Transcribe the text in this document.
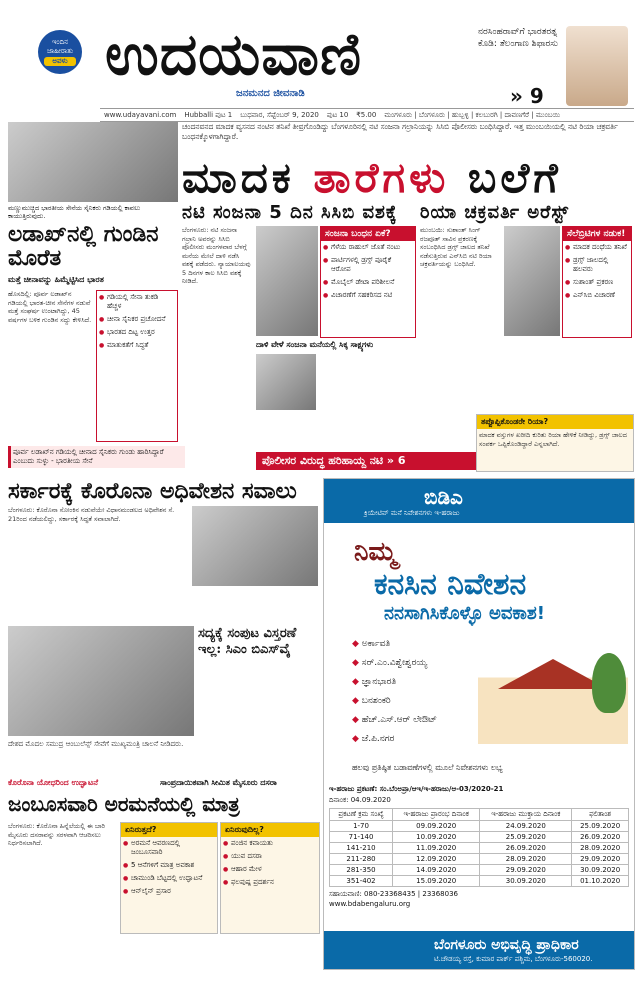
ಇಂದಿನ
ಜಾಹೀರಾತು
ಅವಳು ಉದಯವಾಣಿ
ಜನಮನದ ಜೀವನಾಡಿ
ನರಸಿಂಹರಾವ್‌ಗೆ ಭಾರತರತ್ನ ಕೊಡಿ: ತೆಲಂಗಾಣ ಶಿಫಾರಸು
» 9
www.udayavani.com Hubballi ಪುಟ 1 ಬುಧವಾರ, ಸೆಪ್ಟೆಂಬರ್ 9, 2020 ಪುಟ 10 ₹5.00 ಮಂಗಳೂರು | ಬೆಂಗಳೂರು | ಹುಬ್ಬಳ್ಳಿ | ಕಲಬುರಗಿ | ದಾವಣಗೆರೆ | ಮುಂಬಯಿ
ಮಣ್ಣುಮುಚ್ಚಿದ ಭಾರತೀಯ ಸೇನೆಯ ಸೈನಿಕರು ಗಡಿಯಲ್ಲಿ ಕಾವಲು ಕಾಯುತ್ತಿರುವುದು.
ಚಂದನವನದ ಮಾದಕ ವ್ಯಸನದ ನಂಟಿನ ತನಿಖೆ ತೀವ್ರಗೊಂಡಿದ್ದು ಬೆಂಗಳೂರಿನಲ್ಲಿ ನಟಿ ಸಂಜನಾ ಗಲ್ರಾನಿಯನ್ನು ಸಿಸಿಬಿ ಪೊಲೀಸರು ಬಂಧಿಸಿದ್ದಾರೆ. ಇತ್ತ ಮುಂಬಯಿಯಲ್ಲಿ ನಟಿ ರಿಯಾ ಚಕ್ರವರ್ತಿ ಬಂಧನಕ್ಕೊಳಗಾಗಿದ್ದಾರೆ.
ಮಾದಕ ತಾರೆಗಳು ಬಲೆಗೆ
ನಟಿ ಸಂಜನಾ 5 ದಿನ ಸಿಸಿಬಿ ವಶಕ್ಕೆ ರಿಯಾ ಚಕ್ರವರ್ತಿ ಅರೆಸ್ಟ್
ಲಡಾಖ್‌ನಲ್ಲಿ ಗುಂಡಿನ ಮೊರೆತ
ಮತ್ತೆ ಚೀನಾವನ್ನು ಹಿಮ್ಮೆಟ್ಟಿಸಿದ ಭಾರತ
ಹೊಸದಿಲ್ಲಿ: ಪೂರ್ವ ಲಡಾಖ್‌ನ ಗಡಿಯಲ್ಲಿ ಭಾರತ-ಚೀನ ಸೇನೆಗಳ ನಡುವೆ ಮತ್ತೆ ಸಂಘರ್ಷ ಉಂಟಾಗಿದ್ದು, 45 ವರ್ಷಗಳ ಬಳಿಕ ಗುಂಡಿನ ಸದ್ದು ಕೇಳಿಸಿದೆ.
● ಗಡಿಯಲ್ಲಿ ಸೇನಾ ತುಕಡಿ ಹೆಚ್ಚಳ
● ಚೀನಾ ಸೈನಿಕರ ಪ್ರಚೋದನೆ
● ಭಾರತದ ದಿಟ್ಟ ಉತ್ತರ
● ಮಾತುಕತೆಗೆ ಸಿದ್ಧತೆ
ಪೂರ್ವ ಲಡಾಖ್‌ನ ಗಡಿಯಲ್ಲಿ ಚೀನಾದ ಸೈನಿಕರು ಗುಂಡು ಹಾರಿಸಿದ್ದಾರೆ ಎಂಬುದು ಸುಳ್ಳು - ಭಾರತೀಯ ಸೇನೆ
ಬೆಂಗಳೂರು: ನಟಿ ಸಂಜನಾ ಗಲ್ರಾನಿ ಅವರನ್ನು ಸಿಸಿಬಿ ಪೊಲೀಸರು ಮಂಗಳವಾರ ಬೆಳಗ್ಗೆ ಮನೆಯ ಮೇಲೆ ದಾಳಿ ನಡೆಸಿ ವಶಕ್ಕೆ ಪಡೆದರು. ನ್ಯಾಯಾಲಯವು 5 ದಿನಗಳ ಕಾಲ ಸಿಸಿಬಿ ವಶಕ್ಕೆ ನೀಡಿದೆ.
ಸಂಜನಾ ಬಂಧನ ಏಕೆ?
● ಗೆಳೆಯ ರಾಹುಲ್ ಜೊತೆ ನಂಟು
● ಪಾರ್ಟಿಗಳಲ್ಲಿ ಡ್ರಗ್ಸ್ ಪೂರೈಕೆ ಆರೋಪ
● ಮೊಬೈಲ್ ಡೇಟಾ ಪರಿಶೀಲನೆ
● ವಿಚಾರಣೆಗೆ ಸಹಕರಿಸದ ನಟಿ
ದಾಳಿ ವೇಳೆ ಸಂಜನಾ ಮನೆಯಲ್ಲಿ ಸಿಕ್ಕ ಸಾಕ್ಷ್ಯಗಳು
ಪೊಲೀಸರ ವಿರುದ್ಧ ಹರಿಹಾಯ್ದ ನಟಿ » 6
ಮುಂಬಯಿ: ಸುಶಾಂತ್ ಸಿಂಗ್ ರಜಪೂತ್ ಸಾವಿನ ಪ್ರಕರಣಕ್ಕೆ ಸಂಬಂಧಿಸಿದ ಡ್ರಗ್ಸ್ ಜಾಲದ ತನಿಖೆ ನಡೆಸುತ್ತಿರುವ ಎನ್‌ಸಿಬಿ ನಟಿ ರಿಯಾ ಚಕ್ರವರ್ತಿಯನ್ನು ಬಂಧಿಸಿದೆ.
ಸೆಲೆಬ್ರಿಟಿಗಳ ನಡುಕ!
● ಮಾದಕ ದಂಧೆಯ ತನಿಖೆ
● ಡ್ರಗ್ಸ್ ಜಾಲದಲ್ಲಿ ಹಲವರು
● ಸುಶಾಂತ್ ಪ್ರಕರಣ
● ಎನ್‌ಸಿಬಿ ವಿಚಾರಣೆ
ತಪ್ಪೊಪ್ಪಿಕೊಂಡರೇ ರಿಯಾ?
ಮಾದಕ ವಸ್ತುಗಳ ಖರೀದಿ ಕುರಿತು ರಿಯಾ ಹೇಳಿಕೆ ನೀಡಿದ್ದು, ಡ್ರಗ್ಸ್ ಜಾಲದ ಸಂಪರ್ಕ ಒಪ್ಪಿಕೊಂಡಿದ್ದಾರೆ ಎನ್ನಲಾಗಿದೆ.
ಸರ್ಕಾರಕ್ಕೆ ಕೊರೊನಾ ಅಧಿವೇಶನ ಸವಾಲು
ಬೆಂಗಳೂರು: ಕೊರೊನಾ ಸೋಂಕಿನ ನಡುವೆಯೇ ವಿಧಾನಮಂಡಲದ ಅಧಿವೇಶನ ಸೆ. 21ರಿಂದ ನಡೆಯಲಿದ್ದು, ಸರ್ಕಾರಕ್ಕೆ ಸಿದ್ಧತೆ ಸವಾಲಾಗಿದೆ.
ಸದ್ಯಕ್ಕೆ ಸಂಪುಟ ವಿಸ್ತರಣೆ ಇಲ್ಲ: ಸಿಎಂ ಬಿಎಸ್‌ವೈ
ದೇಶದ ಮೊದಲ ಸಮುದ್ರ ಆಂಬುಲೆನ್ಸ್ ಸೇವೆಗೆ ಮುಖ್ಯಮಂತ್ರಿ ಚಾಲನೆ ನೀಡಿದರು.
ಕೊರೊನಾ ಯೋಧರಿಂದ ಉದ್ಘಾಟನೆ	ಸಾಂಪ್ರದಾಯಿಕವಾಗಿ ಸೀಮಿತ ಮೈಸೂರು ದಸರಾ
ಜಂಬೂಸವಾರಿ ಅರಮನೆಯಲ್ಲಿ ಮಾತ್ರ
ಬೆಂಗಳೂರು: ಕೊರೊನಾ ಹಿನ್ನೆಲೆಯಲ್ಲಿ ಈ ಬಾರಿ ಮೈಸೂರು ದಸರಾವನ್ನು ಸರಳವಾಗಿ ಆಚರಿಸಲು ನಿರ್ಧರಿಸಲಾಗಿದೆ.
ಏನಿರುತ್ತದೆ?
● ಅರಮನೆ ಆವರಣದಲ್ಲಿ ಜಂಬೂಸವಾರಿ
● 5 ಆನೆಗಳಿಗೆ ಮಾತ್ರ ಅವಕಾಶ
● ಚಾಮುಂಡಿ ಬೆಟ್ಟದಲ್ಲಿ ಉದ್ಘಾಟನೆ
● ಆನ್‌ಲೈನ್ ಪ್ರಸಾರ
ಏನಿರುವುದಿಲ್ಲ?
● ಪಂಜಿನ ಕವಾಯತು
● ಯುವ ದಸರಾ
● ಆಹಾರ ಮೇಳ
● ಫಲಪುಷ್ಪ ಪ್ರದರ್ಶನ
ಬಿಡಿಎ
ಕ್ರಿಯೇಟಿವ್ ಮನೆ ನಿವೇಶನಗಳು ಇ-ಹರಾಜು
ನಿಮ್ಮ
ಕನಸಿನ ನಿವೇಶನ
ನನಸಾಗಿಸಿಕೊಳ್ಳೊ ಅವಕಾಶ!
◆ ಅರ್ಕಾವತಿ
◆ ಸರ್.ಎಂ.ವಿಶ್ವೇಶ್ವರಯ್ಯ
◆ ಜ್ಞಾನಭಾರತಿ
◆ ಬನಶಂಕರಿ
◆ ಹೆಚ್.ಎಸ್.ಆರ್ ಲೇಔಟ್
◆ ಜೆ.ಪಿ.ನಗರ
ಹಲವು ಪ್ರತಿಷ್ಠಿತ ಬಡಾವಣೆಗಳಲ್ಲಿ ಮೂಲೆ ನಿವೇಶನಗಳು ಲಭ್ಯ
ಇ-ಹರಾಜು ಪ್ರಕಟಣೆ: ಸಂ.ಬೆಂಅಪ್ರಾ/ಆಇ/ಇ-ಹರಾಜು/ಆ-03/2020-21
ದಿನಾಂಕ: 04.09.2020
ಪ್ರಕಟಣೆ ಕ್ರಮ ಸಂಖ್ಯೆ	ಇ-ಹರಾಜು ಪ್ರಾರಂಭ ದಿನಾಂಕ	ಇ-ಹರಾಜು ಮುಕ್ತಾಯ ದಿನಾಂಕ	ಫಲಿತಾಂಶ
1-70	09.09.2020	24.09.2020	25.09.2020
71-140	10.09.2020	25.09.2020	26.09.2020
141-210	11.09.2020	26.09.2020	28.09.2020
211-280	12.09.2020	28.09.2020	29.09.2020
281-350	14.09.2020	29.09.2020	30.09.2020
351-402	15.09.2020	30.09.2020	01.10.2020
ಸಹಾಯವಾಣಿ: 080-23368435 | 23368036
www.bdabengaluru.org
ಬೆಂಗಳೂರು ಅಭಿವೃದ್ಧಿ ಪ್ರಾಧಿಕಾರ
ಟಿ.ಚೌಡಯ್ಯ ರಸ್ತೆ, ಕುಮಾರ ಪಾರ್ಕ್ ಪಶ್ಚಿಮ, ಬೆಂಗಳೂರು-560020.
